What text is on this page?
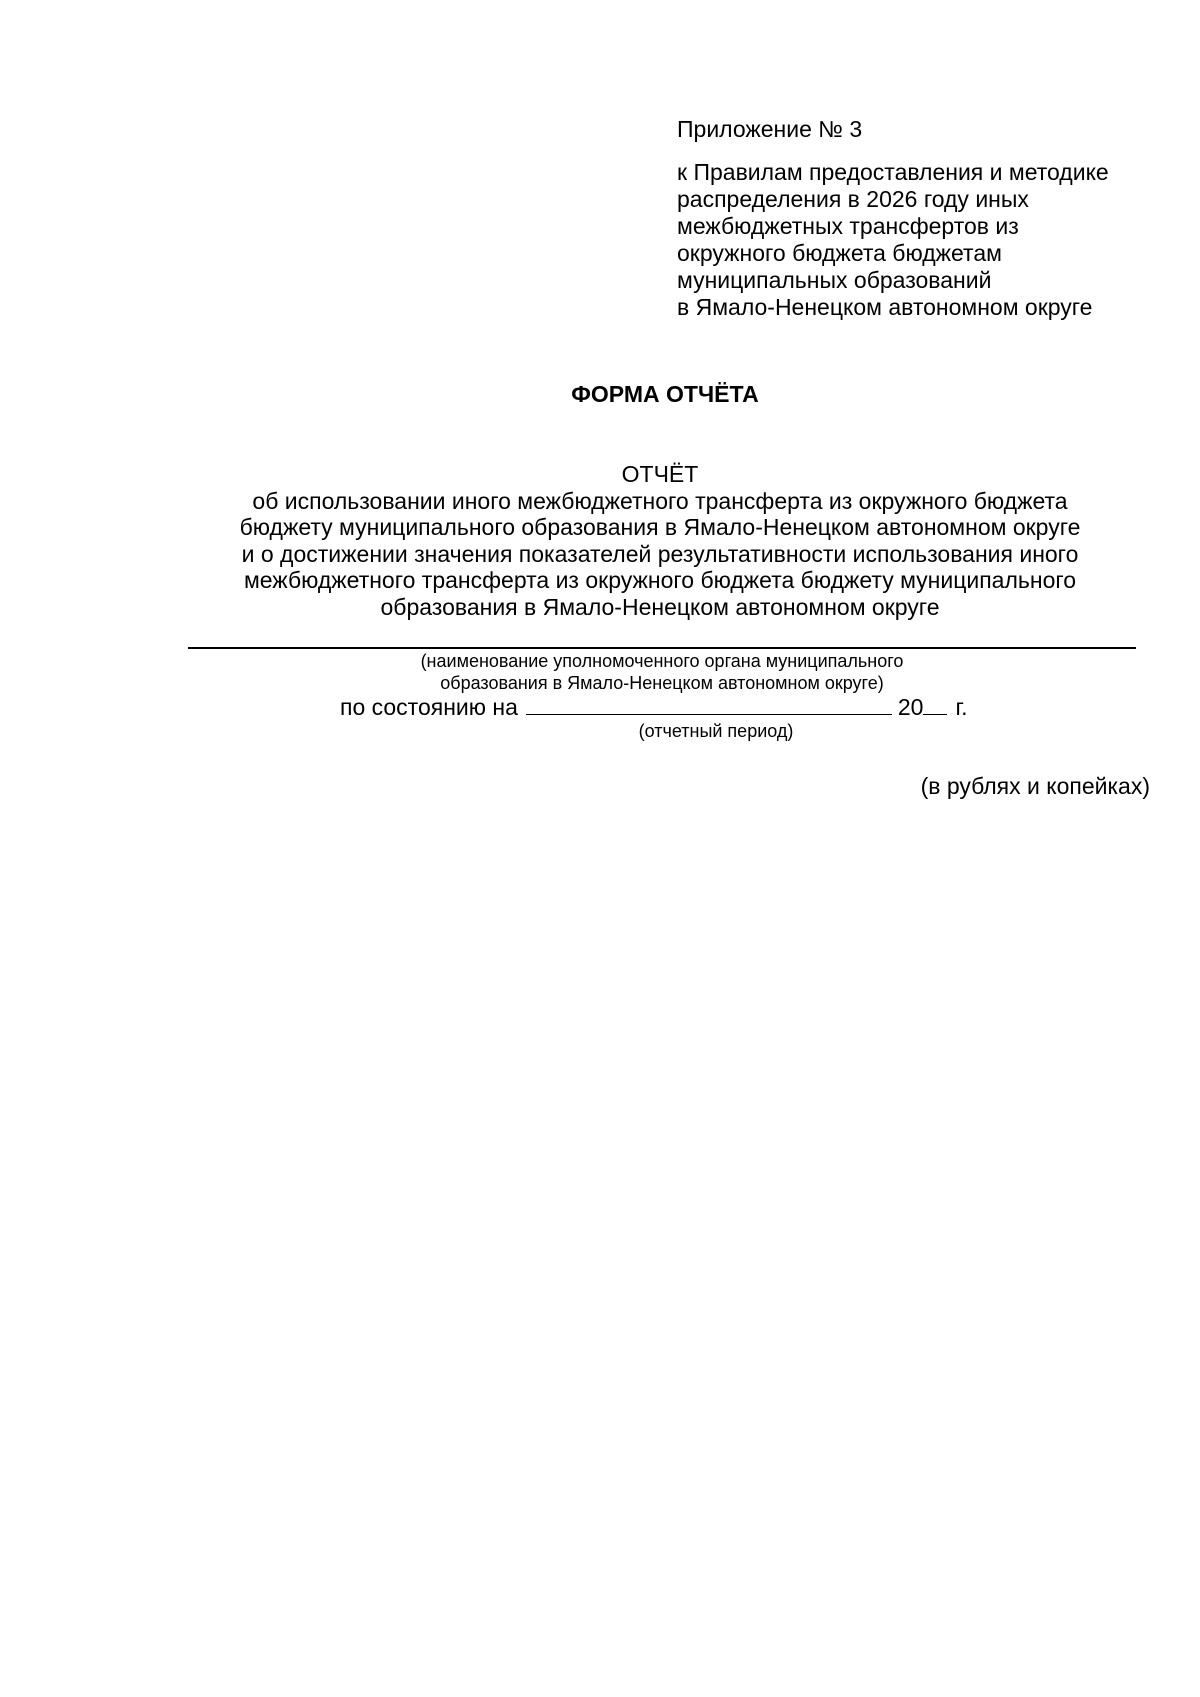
Приложение № 3
к Правилам предоставления и методике
распределения в 2026 году иных
межбюджетных трансфертов из
окружного бюджета бюджетам
муниципальных образований
в Ямало-Ненецком автономном округе
ФОРМА ОТЧЁТА
ОТЧЁТ
об использовании иного межбюджетного трансферта из окружного бюджета
бюджету муниципального образования в Ямало-Ненецком автономном округе
и о достижении значения показателей результативности использования иного
межбюджетного трансферта из окружного бюджета бюджету муниципального
образования в Ямало-Ненецком автономном округе
(наименование уполномоченного органа муниципального
образования в Ямало-Ненецком автономном округе)
по состоянию на	20 г.
(отчетный период)
(в рублях и копейках)
